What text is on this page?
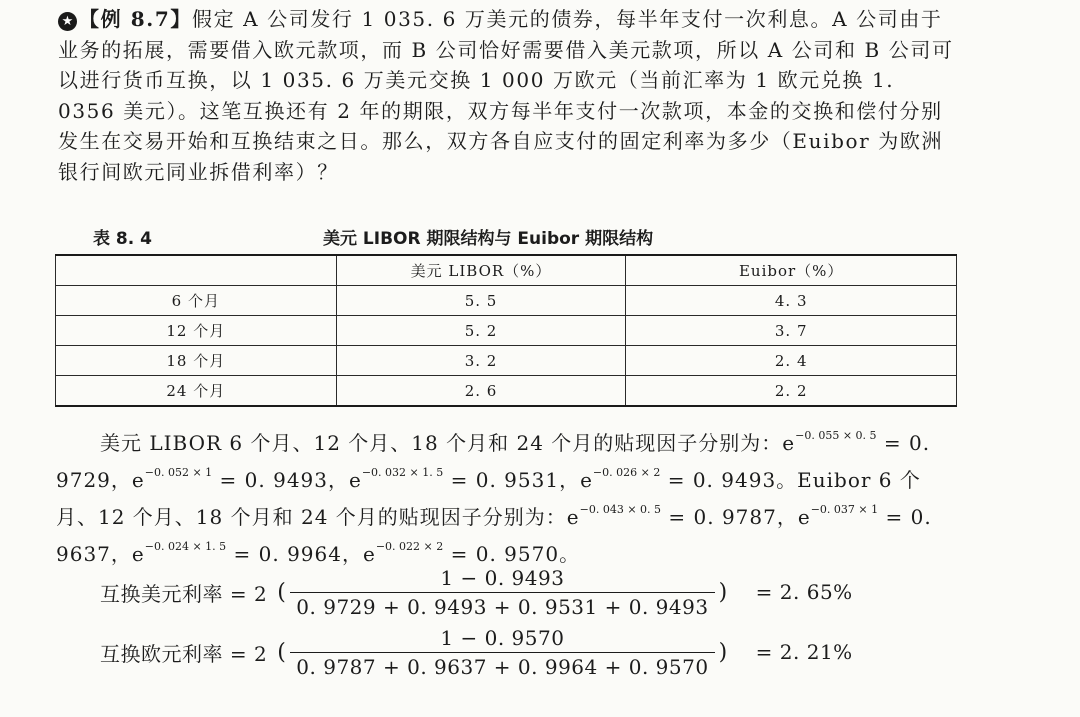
★ 【例 8.7】假定 A 公司发行 1 035. 6 万美元的债券，每半年支付一次利息。A 公司由于业务的拓展，需要借入欧元款项，而 B 公司恰好需要借入美元款项，所以 A 公司和 B 公司可以进行货币互换，以 1 035. 6 万美元交换 1 000 万欧元（当前汇率为 1 欧元兑换 1. 0356 美元）。这笔互换还有 2 年的期限，双方每半年支付一次款项，本金的交换和偿付分别发生在交易开始和互换结束之日。那么，双方各自应支付的固定利率为多少（Euibor 为欧洲银行间欧元同业拆借利率）？
表 8. 4	美元 LIBOR 期限结构与 Euibor 期限结构
	美元 LIBOR（%）	Euibor（%）
6 个月	5. 5	4. 3
12 个月	5. 2	3. 7
18 个月	3. 2	2. 4
24 个月	2. 6	2. 2
美元 LIBOR 6 个月、12 个月、18 个月和 24 个月的贴现因子分别为：$e^{-0. 055 \times 0. 5} = 0$. 9729，$e^{-0. 052 \times 1} = 0$. 9493，$e^{-0. 032 \times 1. 5} = 0$. 9531，$e^{-0. 026 \times 2} = 0$. 9493。Euibor 6 个月、12 个月、18 个月和 24 个月的贴现因子分别为：$e^{-0. 043 \times 0. 5} = 0$. 9787，$e^{-0. 037 \times 1} = 0$. 9637，$e^{-0. 024 \times 1. 5} = 0$. 9964，$e^{-0. 022 \times 2} = 0$. 9570。
互换美元利率 = 2 ( $\frac{1 - 0. 9493}{0. 9729 + 0. 9493 + 0. 9531 + 0. 9493}$ ) = 2. 65%
互换欧元利率 = 2 ( $\frac{1 - 0. 9570}{0. 9787 + 0. 9637 + 0. 9964 + 0. 9570}$ ) = 2. 21%
